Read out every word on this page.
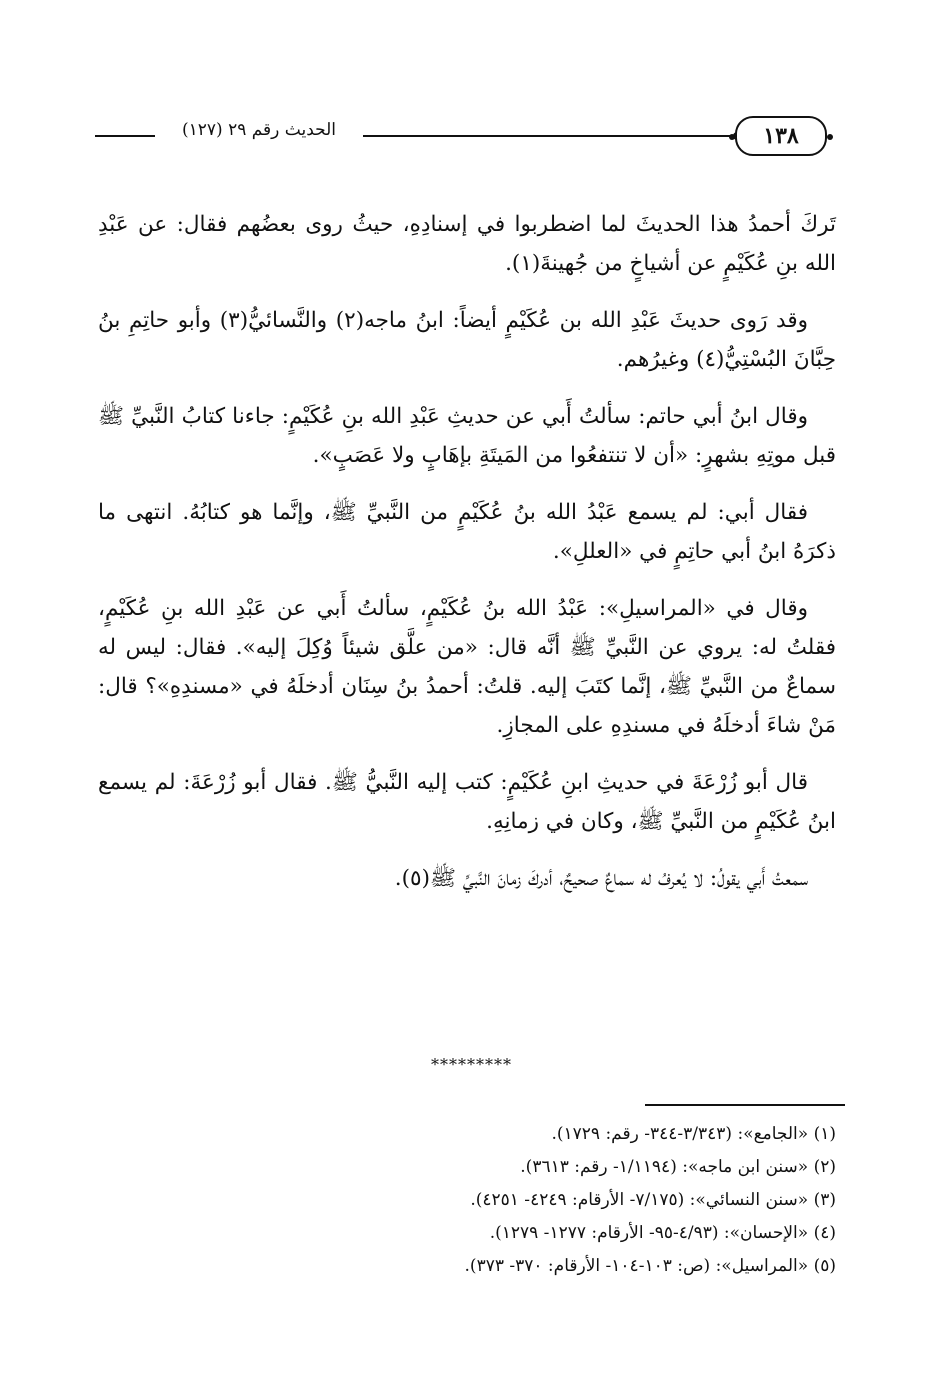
الحديث رقم ٢٩ (١٢٧)	١٣٨

تَركَ أحمدُ هذا الحديثَ لما اضطربوا في إسنادِهِ، حيثُ روى بعضُهم فقال: عن عَبْدِ الله بنِ عُكَيْمٍ عن أشياخٍ من جُهينةَ(١).

وقد رَوى حديثَ عَبْدِ الله بن عُكَيْمٍ أيضاً: ابنُ ماجه(٢) والنَّسائيُّ(٣) وأبو حاتِمِ بنُ حِبَّانَ البُسْتِيُّ(٤) وغيرُهم.

وقال ابنُ أبي حاتم: سألتُ أَبي عن حديثِ عَبْدِ الله بنِ عُكَيْمٍ: جاءنا كتابُ النَّبيِّ ﷺ قبل موتِهِ بشهرٍ: «أن لا تنتفعُوا من المَيتَةِ بإهَابٍ ولا عَصَبٍ».

فقال أبي: لم يسمع عَبْدُ الله بنُ عُكَيْمٍ من النَّبيِّ ﷺ، وإنَّما هو كتابُهُ. انتهى ما ذكرَهُ ابنُ أبي حاتِمٍ في «العللِ».

وقال في «المراسيلِ»: عَبْدُ الله بنُ عُكَيْمٍ، سألتُ أَبي عن عَبْدِ الله بنِ عُكَيْمٍ، فقلتُ له: يروي عن النَّبيِّ ﷺ أنَّه قال: «من علَّق شيئاً وُكِلَ إليه». فقال: ليس له سماعٌ من النَّبيِّ ﷺ، إنَّما كتَبَ إليه. قلتُ: أحمدُ بنُ سِنَان أدخلَهُ في «مسندِهِ»؟ قال: مَنْ شاءَ أدخلَهُ في مسندِهِ على المجازِ.

قال أبو زُرْعَةَ في حديثِ ابنِ عُكَيْمٍ: كتب إليه النَّبيُّ ﷺ. فقال أبو زُرْعَةَ: لم يسمع ابنُ عُكَيْمٍ من النَّبيِّ ﷺ، وكان في زمانِهِ.

سمعتُ أَبي يقولُ: لا يُعرفُ له سماعٌ صحيحٌ، أدركَ زمانَ النَّبيِّ ﷺ(٥).

*********

(١) «الجامع»: (٣/٣٤٣-٣٤٤- رقم: ١٧٢٩).

(٢) «سنن ابن ماجه»: (١/١١٩٤- رقم: ٣٦١٣).

(٣) «سنن النسائي»: (٧/١٧٥- الأرقام: ٤٢٤٩- ٤٢٥١).

(٤) «الإحسان»: (٤/٩٣-٩٥- الأرقام: ١٢٧٧- ١٢٧٩).

(٥) «المراسيل»: (ص: ١٠٣-١٠٤- الأرقام: ٣٧٠- ٣٧٣).
